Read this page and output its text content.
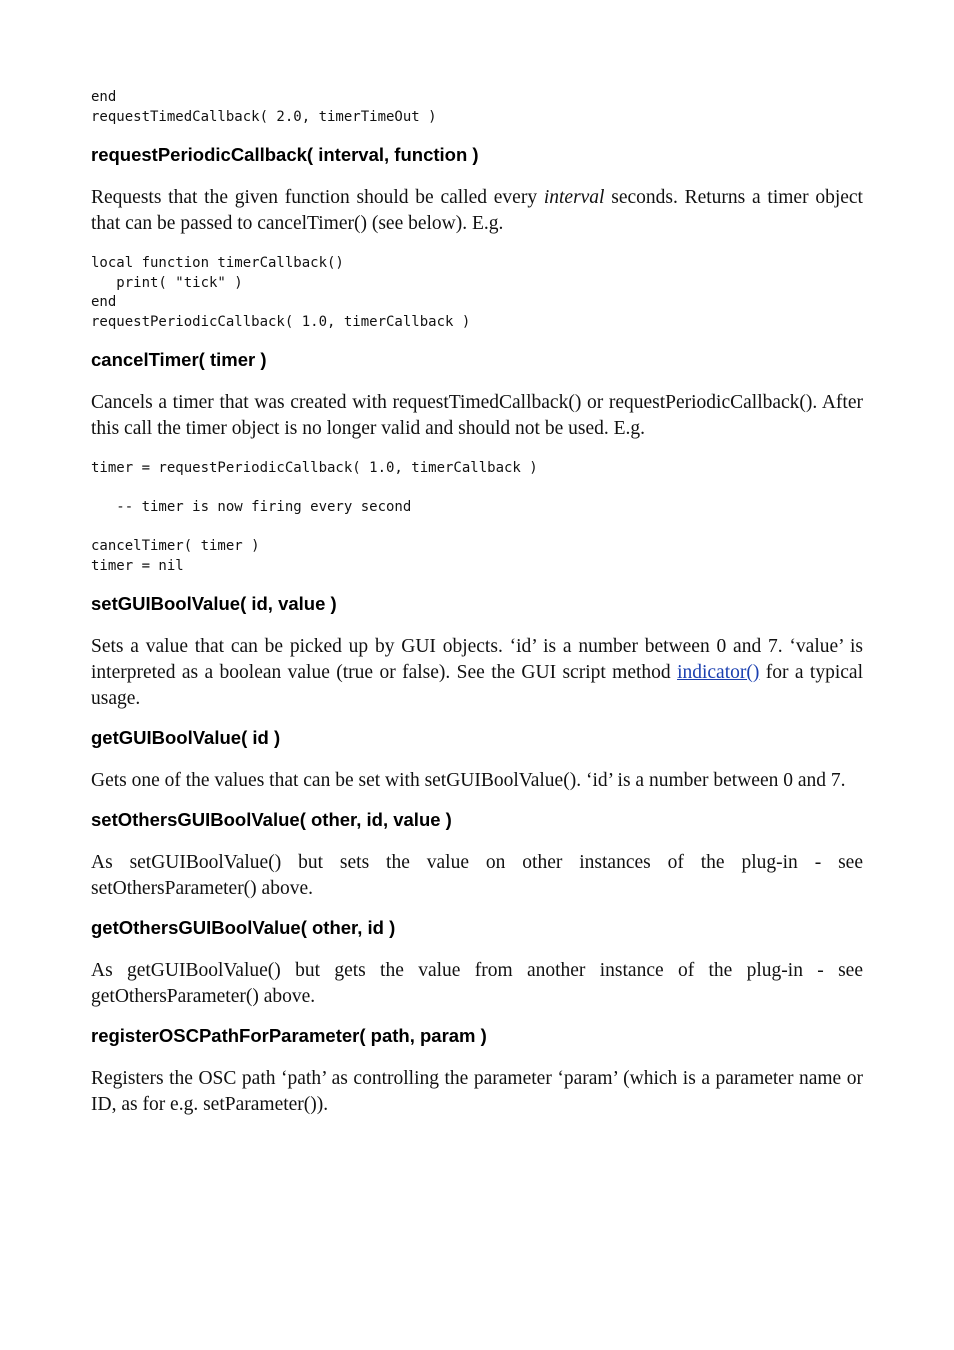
end
requestTimedCallback( 2.0, timerTimeOut )
requestPeriodicCallback( interval, function )

Requests that the given function should be called every interval seconds. Returns a timer object that can be passed to cancelTimer() (see below). E.g.

local function timerCallback()
print( "tick" )
end
requestPeriodicCallback( 1.0, timerCallback )
cancelTimer( timer )

Cancels a timer that was created with requestTimedCallback() or requestPeriodicCallback(). After this call the timer object is no longer valid and should not be used. E.g.

timer = requestPeriodicCallback( 1.0, timerCallback )

-- timer is now firing every second

cancelTimer( timer )
timer = nil
setGUIBoolValue( id, value )

Sets a value that can be picked up by GUI objects. ‘id’ is a number between 0 and 7. ‘value’ is interpreted as a boolean value (true or false). See the GUI script method indicator() for a typical usage.

getGUIBoolValue( id )

Gets one of the values that can be set with setGUIBoolValue(). ‘id’ is a number between 0 and 7.

setOthersGUIBoolValue( other, id, value )

As setGUIBoolValue() but sets the value on other instances of the plug-in - see setOthersParameter() above.

getOthersGUIBoolValue( other, id )

As getGUIBoolValue() but gets the value from another instance of the plug-in - see getOthersParameter() above.

registerOSCPathForParameter( path, param )

Registers the OSC path ‘path’ as controlling the parameter ‘param’ (which is a parameter name or ID, as for e.g. setParameter()).
